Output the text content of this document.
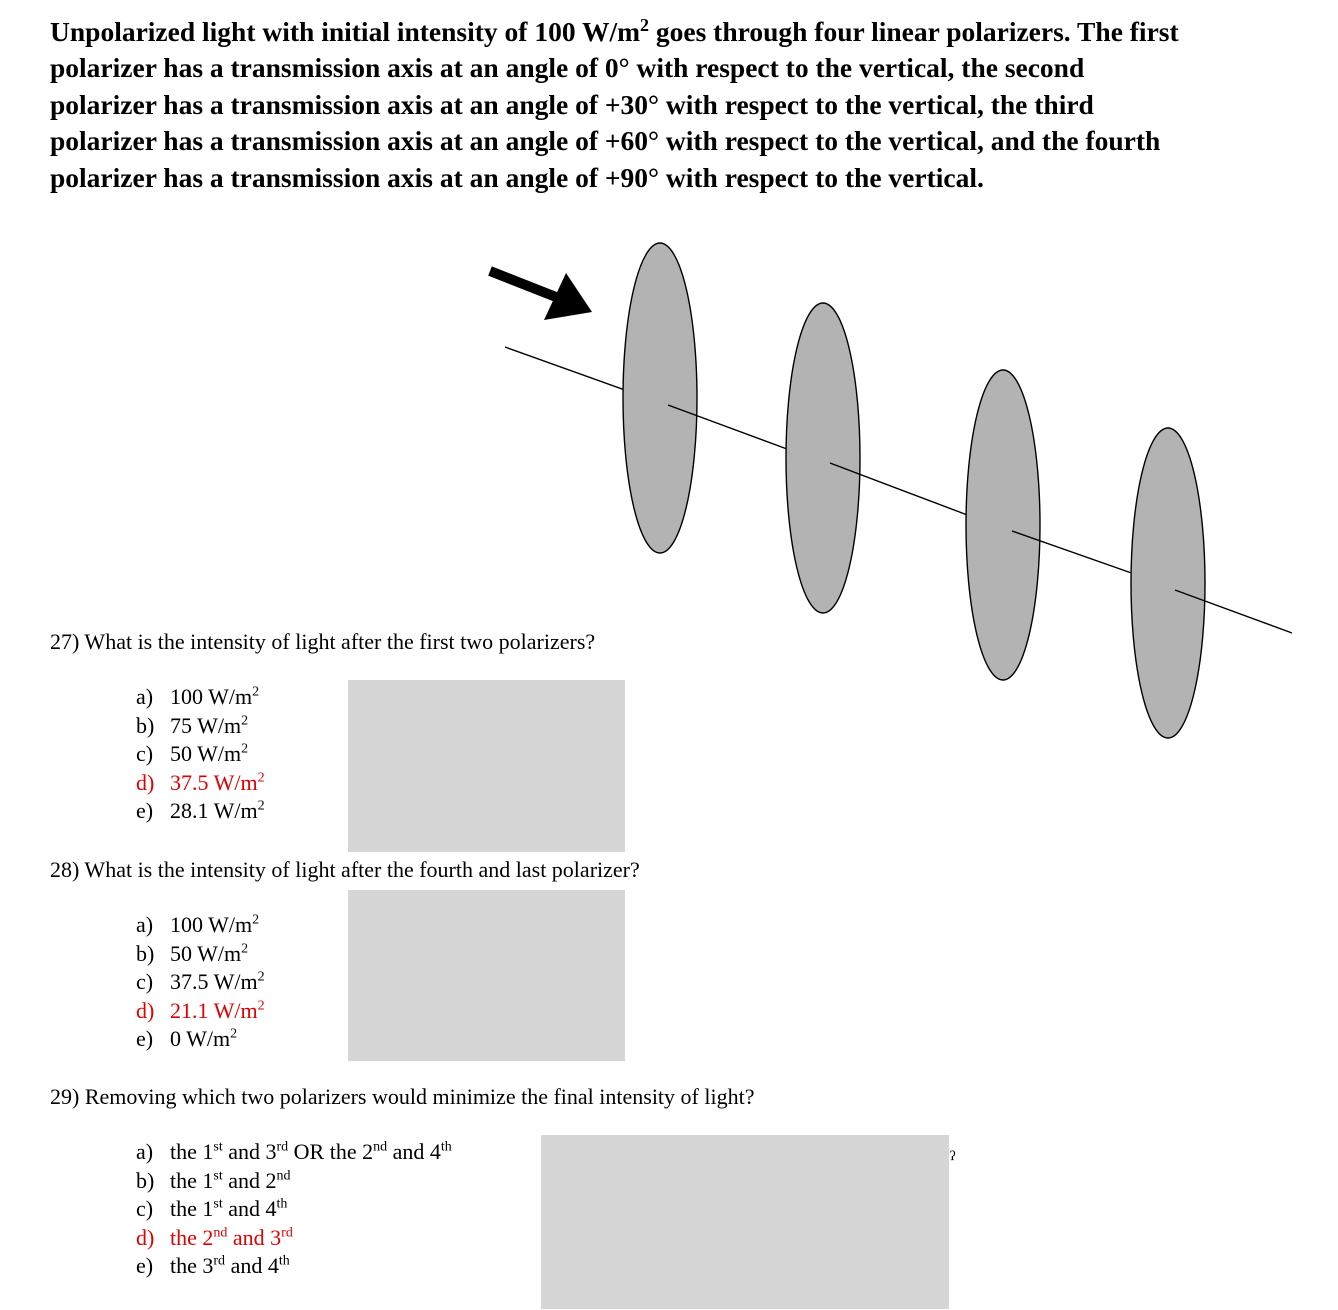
Unpolarized light with initial intensity of 100 $W/m^2$ goes through four linear polarizers. The first polarizer has a transmission axis at an angle of 0° with respect to the vertical, the second polarizer has a transmission axis at an angle of +30° with respect to the vertical, the third polarizer has a transmission axis at an angle of +60° with respect to the vertical, and the fourth polarizer has a transmission axis at an angle of +90° with respect to the vertical.
27) What is the intensity of light after the first two polarizers?
a) 100 $W/m^2$
b) 75 $W/m^2$
c) 50 $W/m^2$
d) 37.5 $W/m^2$
e) 28.1 $W/m^2$
28) What is the intensity of light after the fourth and last polarizer?
a) 100 $W/m^2$
b) 50 $W/m^2$
c) 37.5 $W/m^2$
d) 21.1 $W/m^2$
e) 0 $W/m^2$
29) Removing which two polarizers would minimize the final intensity of light?
a) the 1st and 3rd OR the 2nd and 4th
b) the 1st and 2nd
c) the 1st and 4th
d) the 2nd and 3rd
e) the 3rd and 4th
ˀ
